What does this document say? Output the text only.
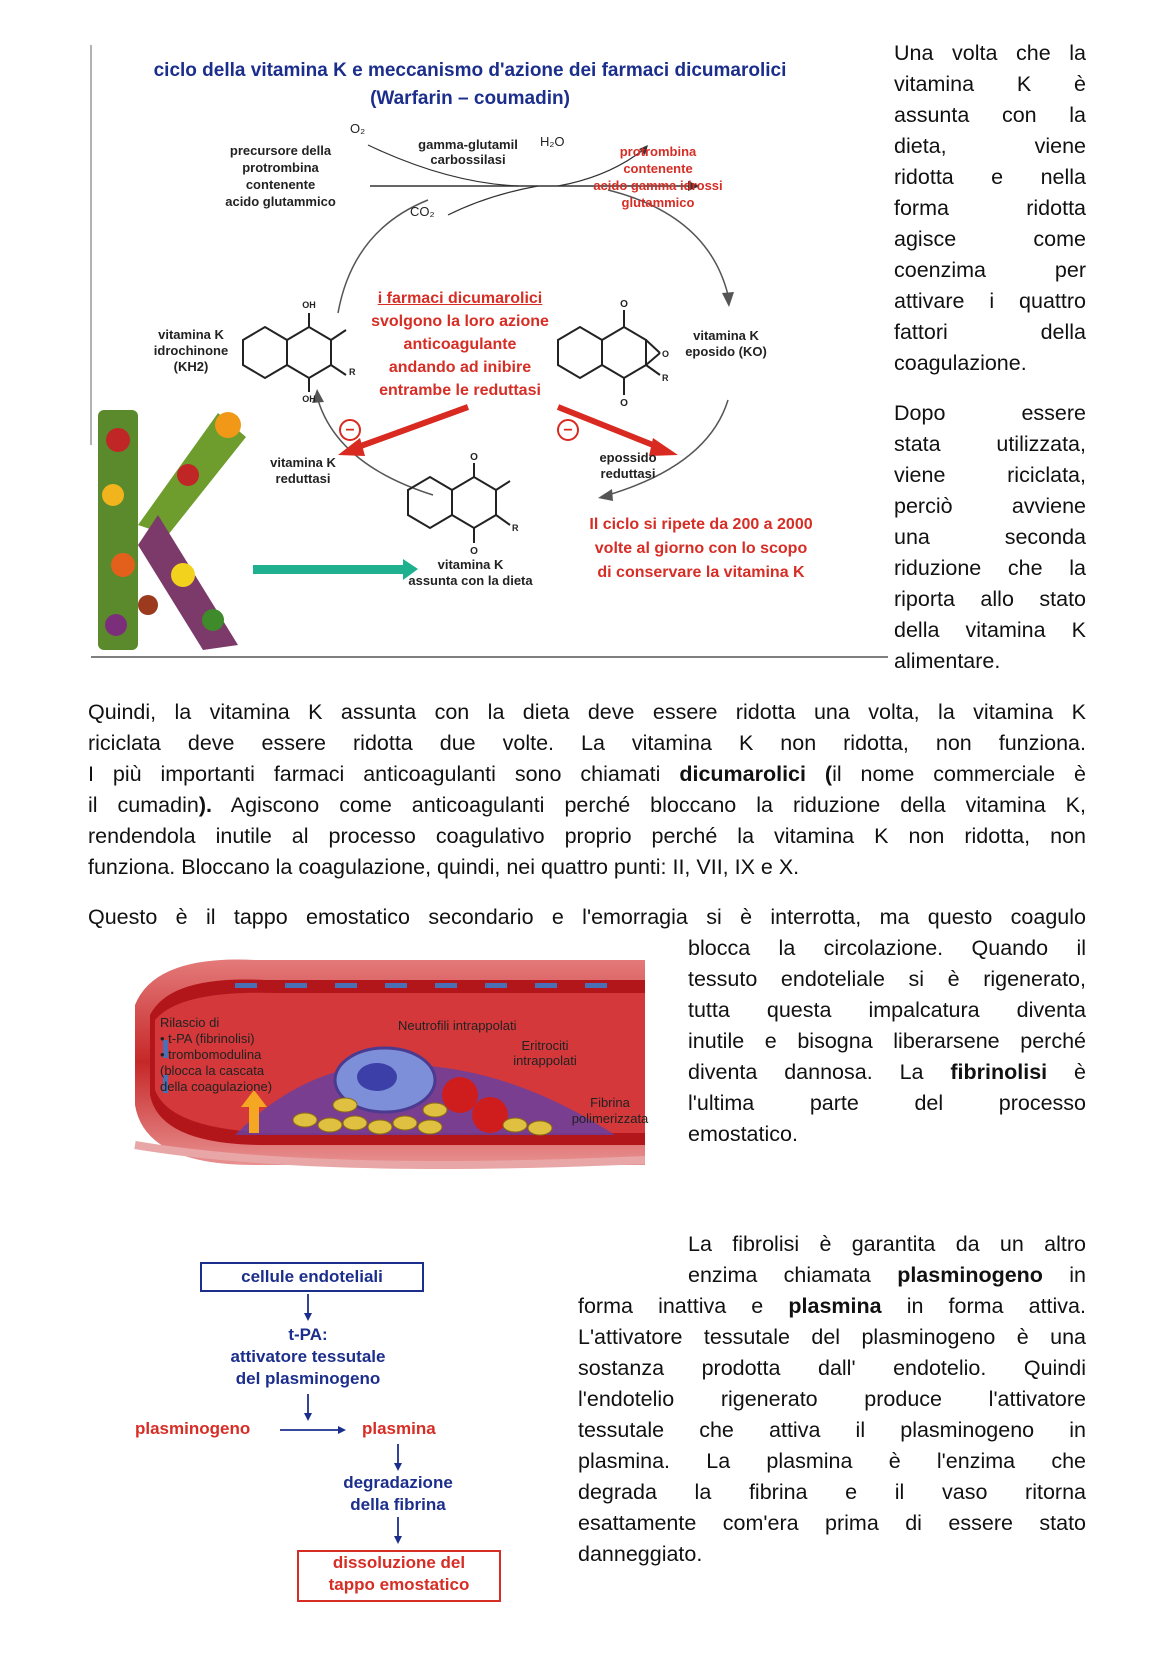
OH
OH
R
O
O
O
R
O
O
R
−	−
O₂
H₂O
CO₂
ciclo della vitamina K e meccanismo d'azione dei farmaci dicumarolici
(Warfarin – coumadin)
precursore della
protrombina
contenente
acido glutammico
gamma-glutamil
carbossilasi
protrombina
contenente
acido gamma idrossi
glutammico
i farmaci dicumarolici
svolgono la loro azione
anticoagulante
andando ad inibire
entrambe le reduttasi
vitamina K
idrochinone
(KH2)
vitamina K
eposido (KO)
vitamina K
reduttasi
epossido
reduttasi
vitamina K
assunta con la dieta
Il ciclo si ripete da 200 a 2000
volte al giorno con lo scopo
di conservare la vitamina K
Una volta che la
vitamina K è
assunta con la
dieta, viene
ridotta e nella
forma ridotta
agisce come
coenzima per
attivare i quattro
fattori della
coagulazione.
Dopo essere
stata utilizzata,
viene riciclata,
perciò avviene
una seconda
riduzione che la
riporta allo stato
della vitamina K
alimentare.
Quindi, la vitamina K assunta con la dieta deve essere ridotta una volta, la vitamina K
riciclata deve essere ridotta due volte. La vitamina K non ridotta, non funziona.
I più importanti farmaci anticoagulanti sono chiamati dicumarolici (il nome commerciale è
il cumadin). Agiscono come anticoagulanti perché bloccano la riduzione della vitamina K,
rendendola inutile al processo coagulativo proprio perché la vitamina K non ridotta, non
funziona. Bloccano la coagulazione, quindi, nei quattro punti: II, VII, IX e X.
Questo è il tappo emostatico secondario e l'emorragia si è interrotta, ma questo coagulo
blocca la circolazione. Quando il
tessuto endoteliale si è rigenerato,
tutta questa impalcatura diventa
inutile e bisogna liberarsene perché
diventa dannosa. La fibrinolisi è
l'ultima parte del processo
emostatico.
Rilascio di
• t-PA (fibrinolisi)
• trombomodulina
(blocca la cascata
della coagulazione)
Neutrofili intrappolati
Eritrociti
intrappolati
Fibrina
polimerizzata
cellule endoteliali
t-PA:
attivatore tessutale
del plasminogeno
plasminogeno	plasmina
degradazione
della fibrina
dissoluzione del
tappo emostatico
La fibrolisi è garantita da un altro
enzima chiamata plasminogeno in
forma inattiva e plasmina in forma attiva.
L'attivatore tessutale del plasminogeno è una
sostanza prodotta dall' endotelio. Quindi
l'endotelio rigenerato produce l'attivatore
tessutale che attiva il plasminogeno in
plasmina. La plasmina è l'enzima che
degrada la fibrina e il vaso ritorna
esattamente com'era prima di essere stato
danneggiato.
